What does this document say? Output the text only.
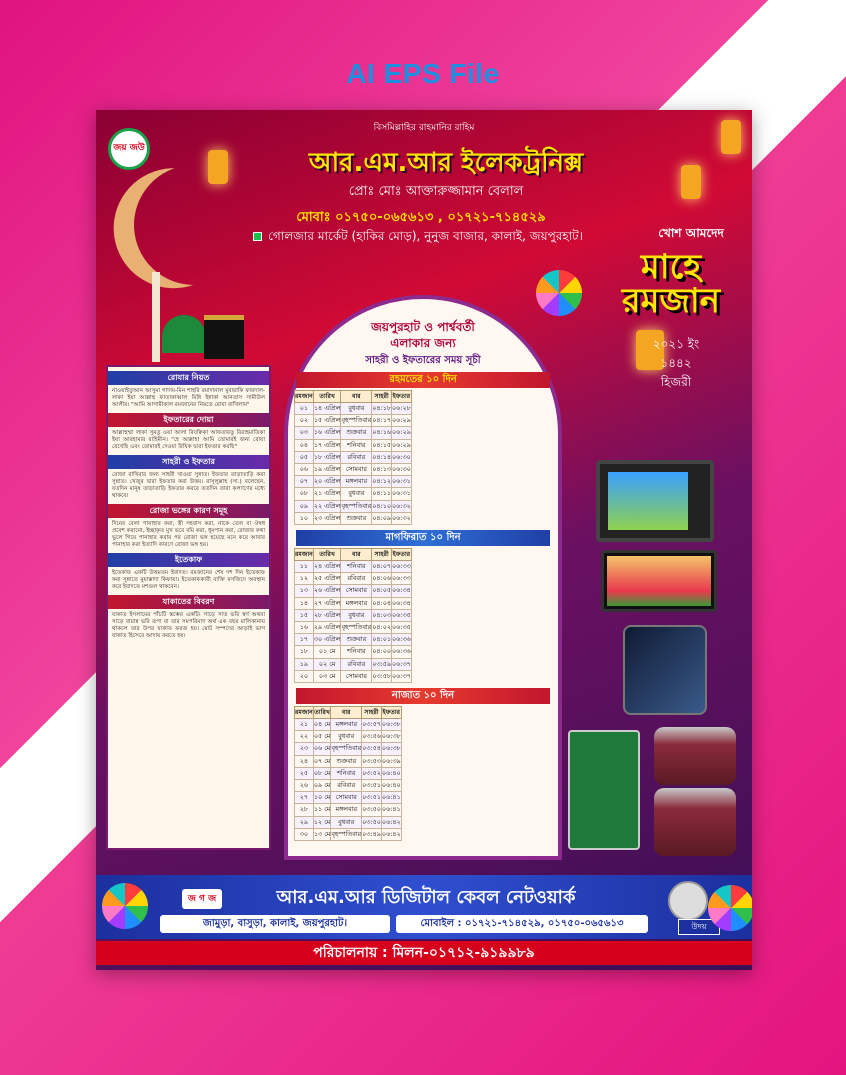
AI EPS File
বিসমিল্লাহির রাহমানির রাহিম
জয় জউ	আর.এম.আর ইলেকট্রনিক্স
প্রোঃ মোঃ আক্তারুজ্জামান বেলাল
মোবাঃ ০১৭৫০-০৬৫৬১৩ , ০১৭২১-৭১৪৫২৯
গোলজার মার্কেট (হাকির মোড়), নুনুজ বাজার, কালাই, জয়পুরহাট।	খোশ আমদেদ
মাহে রমজান
২০২১ ইং
১৪৪২
হিজরী
রোযার নিয়ত
নাওয়াইতুআন আসুমা গাদাম-মিন শাহরি রমাদানাল মুবারাকি ফারদাল-লাকা ইয়া আল্লাহু ফাতাকাব্বাল মিন্নি ইন্নাকা আনতাস সামীউল আলীম। "আমি আগামীকাল রমজানের নিয়তে রোযা রাখিলাম"
ইফতারের দোয়া
আল্লাহুম্মা লাকা সুমতু ওয়া আলা রিযক্বিকা আফতারতু বিরাহমাতিকা ইয়া আরহামার রাহিমীন। "হে আল্লাহ! আমি তোমারই জন্য রোযা রেখেছি এবং তোমারই দেওয়া রিযিক দ্বারা ইফতার করছি"
সাহরী ও ইফতার
রোজা রাখিবার জন্য সাহরী খাওয়া সুন্নাত। ইফতার তাড়াতাড়ি করা সুন্নাত। খেজুর দ্বারা ইফতার করা উত্তম। রাসূলুল্লাহ (সা.) বলেছেন, যতদিন মানুষ তাড়াতাড়ি ইফতার করবে ততদিন তারা কল্যাণের মধ্যে থাকবে।
রোজা ভঙ্গের কারণ সমূহ
দিনের বেলা পানাহার করা, স্ত্রী সহবাস করা, নাকে তেল বা ঔষধ প্রবেশ করানো, ইচ্ছাকৃত মুখ ভরে বমি করা, ধূমপান করা, রোজার কথা ভুলে গিয়ে পানাহার করার পর রোজা ভঙ্গ হয়েছে মনে করে আবার পানাহার করা ইত্যাদি কারণে রোজা ভঙ্গ হয়।
ইতেকাফ
ইতেকাফ একটি উত্তমতম ইবাদত। রমজানের শেষ দশ দিন ইতেকাফ করা সুন্নাতে মুয়াক্কাদা কিফায়া। ইতেকাফকারী ব্যক্তি মসজিদে অবস্থান করে ইবাদতে মশগুল থাকবেন।
যাকাতের বিবরণ
যাকাত ইসলামের পাঁচটি স্তম্ভের একটি। সাড়ে সাত ভরি স্বর্ণ অথবা সাড়ে বায়ান্ন ভরি রূপা বা তার সমপরিমাণ অর্থ এক বছর মালিকানায় থাকলে তার উপর যাকাত ফরজ হয়। মোট সম্পদের আড়াই ভাগ যাকাত হিসেবে আদায় করতে হয়।
জয়পুরহাট ও পার্শ্ববর্তী
এলাকার জন্য
সাহরী ও ইফতারের সময় সূচী
রহমতের ১০ দিন
রমজান	তারিখ	বার	সাহরী	ইফতার
০১	১৪ এপ্রিল	বুধবার	০৪:১৮	০৬:২৮
০২	১৫ এপ্রিল	বৃহস্পতিবার	০৪:১৭	০৬:২৯
০৩	১৬ এপ্রিল	শুক্রবার	০৪:১৬	০৬:২৯
০৪	১৭ এপ্রিল	শনিবার	০৪:১৫	০৬:২৯
০৫	১৮ এপ্রিল	রবিবার	০৪:১৪	০৬:৩০
০৬	১৯ এপ্রিল	সোমবার	০৪:১৩	০৬:৩০
০৭	২০ এপ্রিল	মঙ্গলবার	০৪:১২	০৬:৩১
০৮	২১ এপ্রিল	বুধবার	০৪:১১	০৬:৩১
০৯	২২ এপ্রিল	বৃহস্পতিবার	০৪:১০	০৬:৩২
১০	২৩ এপ্রিল	শুক্রবার	০৪:০৯	০৬:৩২
মাগফিরাত ১০ দিন
রমজান	তারিখ	বার	সাহরী	ইফতার
১১	২৪ এপ্রিল	শনিবার	০৪:০৭	০৬:৩৩
১২	২৫ এপ্রিল	রবিবার	০৪:০৬	০৬:৩৩
১৩	২৬ এপ্রিল	সোমবার	০৪:০৫	০৬:৩৪
১৪	২৭ এপ্রিল	মঙ্গলবার	০৪:০৪	০৬:৩৪
১৫	২৮ এপ্রিল	বুধবার	০৪:০৩	০৬:৩৫
১৬	২৯ এপ্রিল	বৃহস্পতিবার	০৪:০২	০৬:৩৫
১৭	৩০ এপ্রিল	শুক্রবার	০৪:০১	০৬:৩৬
১৮	০১ মে	শনিবার	০৪:০০	০৬:৩৬
১৯	০২ মে	রবিবার	০৩:৫৯	০৬:৩৭
২০	০৩ মে	সোমবার	০৩:৫৮	০৬:৩৭
নাজাত ১০ দিন
রমজান	তারিখ	বার	সাহরী	ইফতার
২১	০৪ মে	মঙ্গলবার	০৩:৫৭	০৬:৩৮
২২	০৫ মে	বুধবার	০৩:৫৬	০৬:৩৮
২৩	০৬ মে	বৃহস্পতিবার	০৩:৫৪	০৬:৩৮
২৪	০৭ মে	শুক্রবার	০৩:৫৩	০৬:৩৯
২৫	০৮ মে	শনিবার	০৩:৫২	০৬:৪০
২৬	০৯ মে	রবিবার	০৩:৫১	০৬:৪০
২৭	১০ মে	সোমবার	০৩:৫১	০৬:৪১
২৮	১১ মে	মঙ্গলবার	০৩:৫০	০৬:৪১
২৯	১২ মে	বুধবার	০৩:৫০	০৬:৪২
৩০	১৩ মে	বৃহস্পতিবার	০৩:৪৯	০৬:৪২
জ গ জ	আর.এম.আর ডিজিটাল কেবল নেটওয়ার্ক
জামুড়া, বাসুড়া, কালাই, জয়পুরহাট।	মোবাইল : ০১৭২১-৭১৪৫২৯, ০১৭৫০-০৬৫৬১৩	উদয়
পরিচালনায় : মিলন-০১৭১২-৯১৯৯৮৯
